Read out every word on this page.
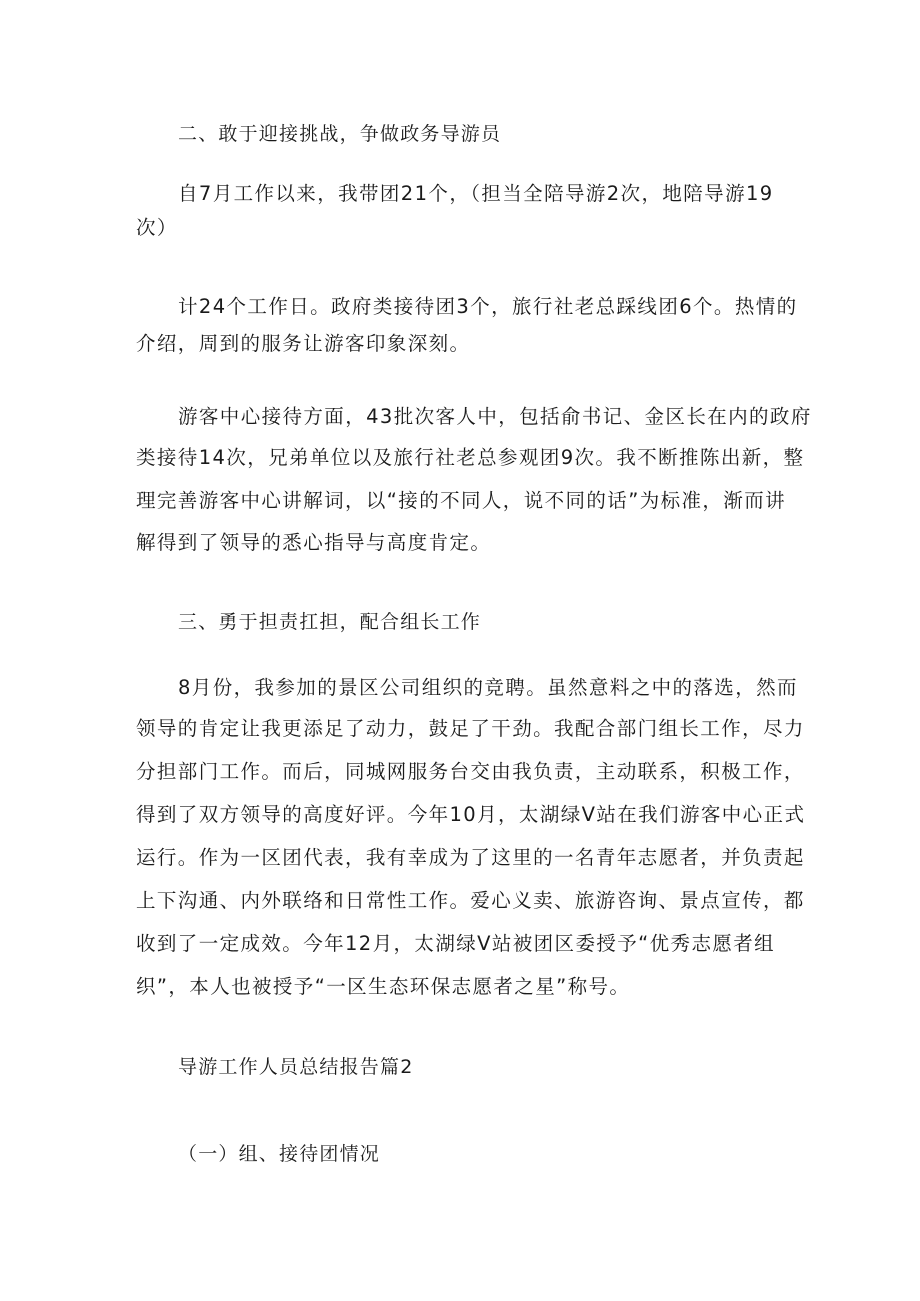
二、敢于迎接挑战，争做政务导游员
自7月工作以来，我带团21个，（担当全陪导游2次，地陪导游19
次）
计24个工作日。政府类接待团3个，旅行社老总踩线团6个。热情的
介绍，周到的服务让游客印象深刻。
游客中心接待方面，43批次客人中，包括俞书记、金区长在内的政府
类接待14次，兄弟单位以及旅行社老总参观团9次。我不断推陈出新，整
理完善游客中心讲解词，以“接的不同人，说不同的话”为标准，渐而讲
解得到了领导的悉心指导与高度肯定。
三、勇于担责扛担，配合组长工作
8月份，我参加的景区公司组织的竞聘。虽然意料之中的落选，然而
领导的肯定让我更添足了动力，鼓足了干劲。我配合部门组长工作，尽力
分担部门工作。而后，同城网服务台交由我负责，主动联系，积极工作，
得到了双方领导的高度好评。今年10月，太湖绿V站在我们游客中心正式
运行。作为一区团代表，我有幸成为了这里的一名青年志愿者，并负责起
上下沟通、内外联络和日常性工作。爱心义卖、旅游咨询、景点宣传，都
收到了一定成效。今年12月，太湖绿V站被团区委授予“优秀志愿者组
织”，本人也被授予“一区生态环保志愿者之星”称号。
导游工作人员总结报告篇2
（一）组、接待团情况
